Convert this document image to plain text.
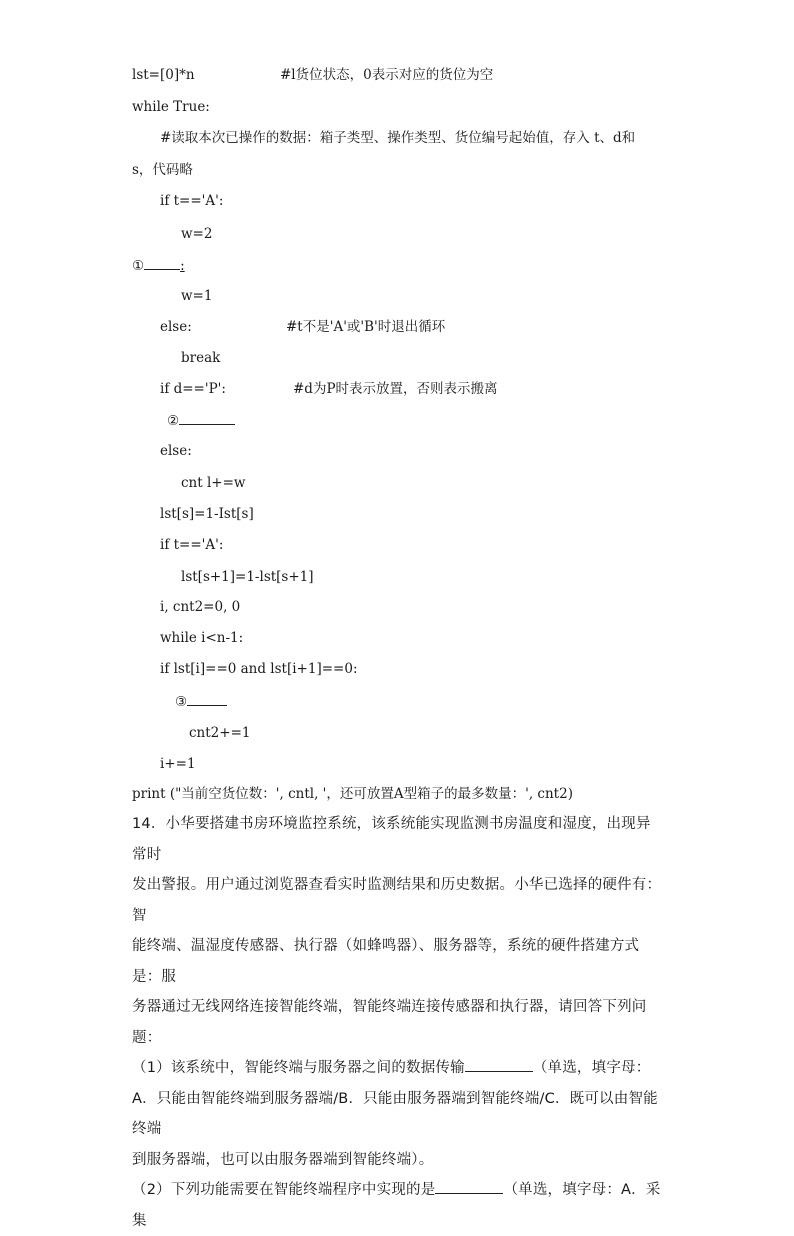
lst=[0]*n	#l货位状态，0表示对应的货位为空
while True:
#读取本次已操作的数据：箱子类型、操作类型、货位编号起始值，存入 t、d和
s，代码略
if t=='A':
w=2
①	:
w=1
else:	#t不是'A'或'B'时退出循环
break
if d=='P':	#d为P时表示放置，否则表示搬离
②
else:
cnt l+=w
lst[s]=1-Ist[s]
if t=='A':
lst[s+1]=1-lst[s+1]
i, cnt2=0, 0
while i<n-1:
if lst[i]==0 and lst[i+1]==0:
③
cnt2+=1
i+=1
print ("当前空货位数：', cntl, '，还可放置A型箱子的最多数量：', cnt2)
14．小华要搭建书房环境监控系统，该系统能实现监测书房温度和湿度，出现异常时
发出警报。用户通过浏览器查看实时监测结果和历史数据。小华已选择的硬件有：智
能终端、温湿度传感器、执行器（如蜂鸣器）、服务器等，系统的硬件搭建方式是：服
务器通过无线网络连接智能终端，智能终端连接传感器和执行器，请回答下列问题：
（1）该系统中，智能终端与服务器之间的数据传输	（单选，填字母：
A．只能由智能终端到服务器端/B．只能由服务器端到智能终端/C．既可以由智能终端
到服务器端，也可以由服务器端到智能终端）。
（2）下列功能需要在智能终端程序中实现的是	（单选，填字母：A．采集
